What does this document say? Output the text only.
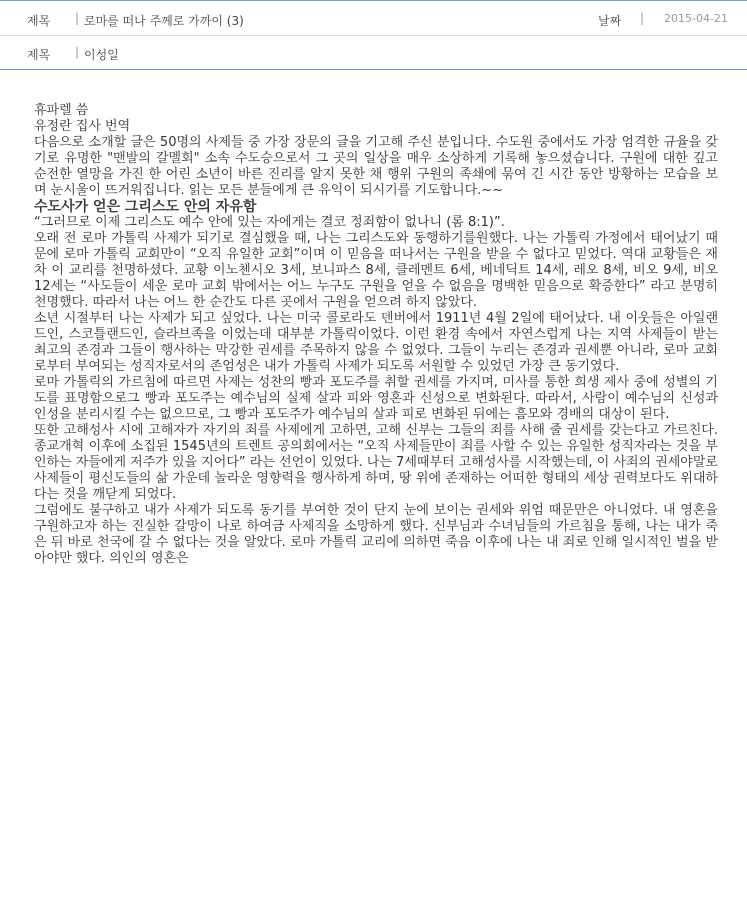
제목 | 로마를 떠나 주께로 가까이 (3)	날짜 | 2015-04-21
제목 | 이성일

휴파렐 씀
유정란 집사 번역

다음으로 소개할 글은 50명의 사제들 중 가장 장문의 글을 기고해 주신 분입니다. 수도원 중에서도 가장 엄격한 규율을 갖기로 유명한 "맨발의 갈멜회" 소속 수도승으로서 그 곳의 일상을 매우 소상하게 기록해 놓으셨습니다. 구원에 대한 깊고 순전한 열망을 가진 한 어린 소년이 바른 진리를 알지 못한 채 행위 구원의 족쇄에 묶여 긴 시간 동안 방황하는 모습을 보며 눈시울이 뜨거워집니다. 읽는 모든 분들에게 큰 유익이 되시기를 기도합니다.~~

수도사가 얻은 그리스도 안의 자유함

“그러므로 이제 그리스도 예수 안에 있는 자에게는 결코 정죄함이 없나니 (롬 8:1)”.

오래 전 로마 가톨릭 사제가 되기로 결심했을 때, 나는 그리스도와 동행하기를원했다. 나는 가톨릭 가정에서 태어났기 때문에 로마 가톨릭 교회만이 “오직 유일한 교회”이며 이 믿음을 떠나서는 구원을 받을 수 없다고 믿었다. 역대 교황들은 재차 이 교리를 천명하셨다. 교황 이노첸시오 3세, 보니파스 8세, 클레멘트 6세, 베네딕트 14세, 레오 8세, 비오 9세, 비오 12세는 “사도들이 세운 로마 교회 밖에서는 어느 누구도 구원을 얻을 수 없음을 명백한 믿음으로 확증한다” 라고 분명히 천명했다. 따라서 나는 어느 한 순간도 다른 곳에서 구원을 얻으려 하지 않았다.

소년 시절부터 나는 사제가 되고 싶었다. 나는 미국 콜로라도 덴버에서 1911년 4월 2일에 태어났다. 내 이웃들은 아일랜드인, 스코틀랜드인, 슬라브족을 이었는데 대부분 가톨릭이었다. 이런 환경 속에서 자연스럽게 나는 지역 사제들이 받는 최고의 존경과 그들이 행사하는 막강한 권세를 주목하지 않을 수 없었다. 그들이 누리는 존경과 권세뿐 아니라, 로마 교회로부터 부여되는 성직자로서의 존엄성은 내가 가톨릭 사제가 되도록 서원할 수 있었던 가장 큰 동기였다.

로마 가톨릭의 가르침에 따르면 사제는 성찬의 빵과 포도주를 취할 권세를 가지며, 미사를 통한 희생 제사 중에 성별의 기도를 표명함으로그 빵과 포도주는 예수님의 실제 살과 피와 영혼과 신성으로 변화된다. 따라서, 사람이 예수님의 신성과 인성을 분리시킬 수는 없으므로, 그 빵과 포도주가 예수님의 살과 피로 변화된 뒤에는 흠모와 경배의 대상이 된다.

또한 고해성사 시에 고해자가 자기의 죄를 사제에게 고하면, 고해 신부는 그들의 죄를 사해 줄 권세를 갖는다고 가르친다. 종교개혁 이후에 소집된 1545년의 트렌트 공의회에서는 “오직 사제들만이 죄를 사할 수 있는 유일한 성직자라는 것을 부인하는 자들에게 저주가 있을 지어다” 라는 선언이 있었다. 나는 7세때부터 고해성사를 시작했는데, 이 사죄의 권세야말로 사제들이 평신도들의 삶 가운데 놀라운 영향력을 행사하게 하며, 땅 위에 존재하는 어떠한 형태의 세상 권력보다도 위대하다는 것을 깨닫게 되었다.

그럼에도 불구하고 내가 사제가 되도록 동기를 부여한 것이 단지 눈에 보이는 권세와 위엄 때문만은 아니었다. 내 영혼을 구원하고자 하는 진실한 갈망이 나로 하여금 사제직을 소망하게 했다. 신부님과 수녀님들의 가르침을 통해, 나는 내가 죽은 뒤 바로 천국에 갈 수 없다는 것을 알았다. 로마 가톨릭 교리에 의하면 죽음 이후에 나는 내 죄로 인해 일시적인 벌을 받아야만 했다. 의인의 영혼은
